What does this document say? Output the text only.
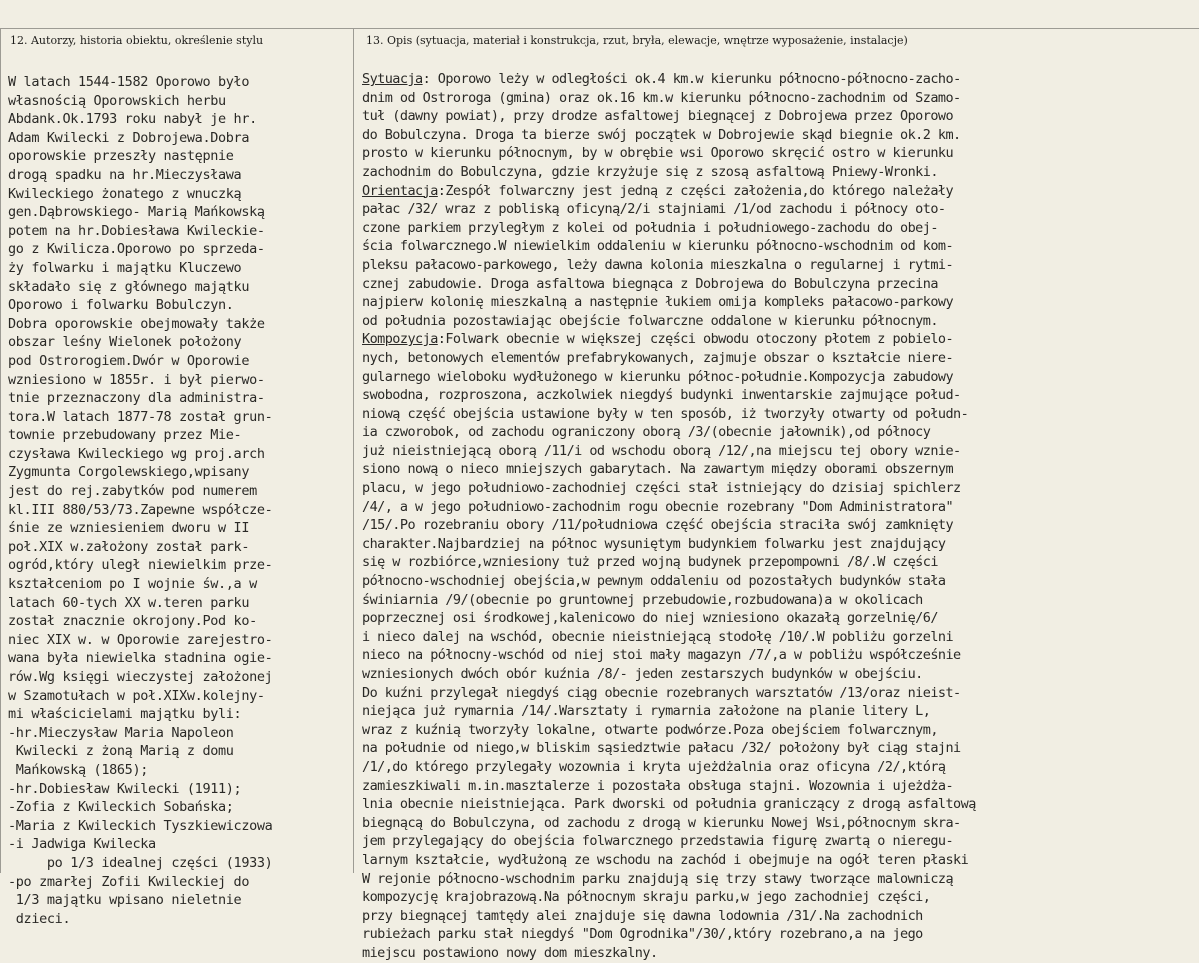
12. Autorzy, historia obiektu, określenie stylu	13. Opis (sytuacja, materiał i konstrukcja, rzut, bryła, elewacje, wnętrze wyposażenie, instalacje)
W latach 1544-1582 Oporowo było
własnością Oporowskich herbu
Abdank.Ok.1793 roku nabył je hr.
Adam Kwilecki z Dobrojewa.Dobra
oporowskie przeszły następnie
drogą spadku na hr.Mieczysława
Kwileckiego żonatego z wnuczką
gen.Dąbrowskiego- Marią Mańkowską
potem na hr.Dobiesława Kwileckie-
go z Kwilicza.Oporowo po sprzeda-
ży folwarku i majątku Kluczewo
składało się z głównego majątku
Oporowo i folwarku Bobulczyn.
Dobra oporowskie obejmowały także
obszar leśny Wielonek położony
pod Ostrorogiem.Dwór w Oporowie
wzniesiono w 1855r. i był pierwo-
tnie przeznaczony dla administra-
tora.W latach 1877-78 został grun-
townie przebudowany przez Mie-
czysława Kwileckiego wg proj.arch
Zygmunta Corgolewskiego,wpisany
jest do rej.zabytków pod numerem
kl.III 880/53/73.Zapewne współcze-
śnie ze wzniesieniem dworu w II
poł.XIX w.założony został park-
ogród,który uległ niewielkim prze-
kształceniom po I wojnie św.,a w
latach 60-tych XX w.teren parku
został znacznie okrojony.Pod ko-
niec XIX w. w Oporowie zarejestro-
wana była niewielka stadnina ogie-
rów.Wg księgi wieczystej założonej
w Szamotułach w poł.XIXw.kolejny-
mi właścicielami majątku byli:
-hr.Mieczysław Maria Napoleon
Kwilecki z żoną Marią z domu
Mańkowską (1865);
-hr.Dobiesław Kwilecki (1911);
-Zofia z Kwileckich Sobańska;
-Maria z Kwileckich Tyszkiewiczowa
-i Jadwiga Kwilecka
po 1/3 idealnej części (1933)
-po zmarłej Zofii Kwileckiej do
1/3 majątku wpisano nieletnie
dzieci.
Sytuacja: Oporowo leży w odległości ok.4 km.w kierunku północno-północno-zacho-
dnim od Ostroroga (gmina) oraz ok.16 km.w kierunku północno-zachodnim od Szamo-
tuł (dawny powiat), przy drodze asfaltowej biegnącej z Dobrojewa przez Oporowo
do Bobulczyna. Droga ta bierze swój początek w Dobrojewie skąd biegnie ok.2 km.
prosto w kierunku północnym, by w obrębie wsi Oporowo skręcić ostro w kierunku
zachodnim do Bobulczyna, gdzie krzyżuje się z szosą asfaltową Pniewy-Wronki.
Orientacja:Zespół folwarczny jest jedną z części założenia,do którego należały
pałac /32/ wraz z pobliską oficyną/2/i stajniami /1/od zachodu i północy oto-
czone parkiem przyległym z kolei od południa i południowego-zachodu do obej-
ścia folwarcznego.W niewielkim oddaleniu w kierunku północno-wschodnim od kom-
pleksu pałacowo-parkowego, leży dawna kolonia mieszkalna o regularnej i rytmi-
cznej zabudowie. Droga asfaltowa biegnąca z Dobrojewa do Bobulczyna przecina
najpierw kolonię mieszkalną a następnie łukiem omija kompleks pałacowo-parkowy
od południa pozostawiając obejście folwarczne oddalone w kierunku północnym.
Kompozycja:Folwark obecnie w większej części obwodu otoczony płotem z pobielo-
nych, betonowych elementów prefabrykowanych, zajmuje obszar o kształcie niere-
gularnego wieloboku wydłużonego w kierunku północ-południe.Kompozycja zabudowy
swobodna, rozproszona, aczkolwiek niegdyś budynki inwentarskie zajmujące połud-
niową część obejścia ustawione były w ten sposób, iż tworzyły otwarty od połudn-
ia czworobok, od zachodu ograniczony oborą /3/(obecnie jałownik),od północy
już nieistniejącą oborą /11/i od wschodu oborą /12/,na miejscu tej obory wznie-
siono nową o nieco mniejszych gabarytach. Na zawartym między oborami obszernym
placu, w jego południowo-zachodniej części stał istniejący do dzisiaj spichlerz
/4/, a w jego południowo-zachodnim rogu obecnie rozebrany "Dom Administratora"
/15/.Po rozebraniu obory /11/południowa część obejścia straciła swój zamknięty
charakter.Najbardziej na północ wysuniętym budynkiem folwarku jest znajdujący
się w rozbiórce,wzniesiony tuż przed wojną budynek przepompowni /8/.W części
północno-wschodniej obejścia,w pewnym oddaleniu od pozostałych budynków stała
świniarnia /9/(obecnie po gruntownej przebudowie,rozbudowana)a w okolicach
poprzecznej osi środkowej,kalenicowo do niej wzniesiono okazałą gorzelnię/6/
i nieco dalej na wschód, obecnie nieistniejącą stodołę /10/.W pobliżu gorzelni
nieco na północny-wschód od niej stoi mały magazyn /7/,a w pobliżu współcześnie
wzniesionych dwóch obór kuźnia /8/- jeden zestarszych budynków w obejściu.
Do kuźni przylegał niegdyś ciąg obecnie rozebranych warsztatów /13/oraz nieist-
niejąca już rymarnia /14/.Warsztaty i rymarnia założone na planie litery L,
wraz z kuźnią tworzyły lokalne, otwarte podwórze.Poza obejściem folwarcznym,
na południe od niego,w bliskim sąsiedztwie pałacu /32/ położony był ciąg stajni
/1/,do którego przylegały wozownia i kryta ujeżdżalnia oraz oficyna /2/,którą
zamieszkiwali m.in.masztalerze i pozostała obsługa stajni. Wozownia i ujeżdża-
lnia obecnie nieistniejąca. Park dworski od południa graniczący z drogą asfaltową
biegnącą do Bobulczyna, od zachodu z drogą w kierunku Nowej Wsi,północnym skra-
jem przylegający do obejścia folwarcznego przedstawia figurę zwartą o nieregu-
larnym kształcie, wydłużoną ze wschodu na zachód i obejmuje na ogół teren płaski
W rejonie północno-wschodnim parku znajdują się trzy stawy tworzące malowniczą
kompozycję krajobrazową.Na północnym skraju parku,w jego zachodniej części,
przy biegnącej tamtędy alei znajduje się dawna lodownia /31/.Na zachodnich
rubieżach parku stał niegdyś "Dom Ogrodnika"/30/,który rozebrano,a na jego
miejscu postawiono nowy dom mieszkalny.
